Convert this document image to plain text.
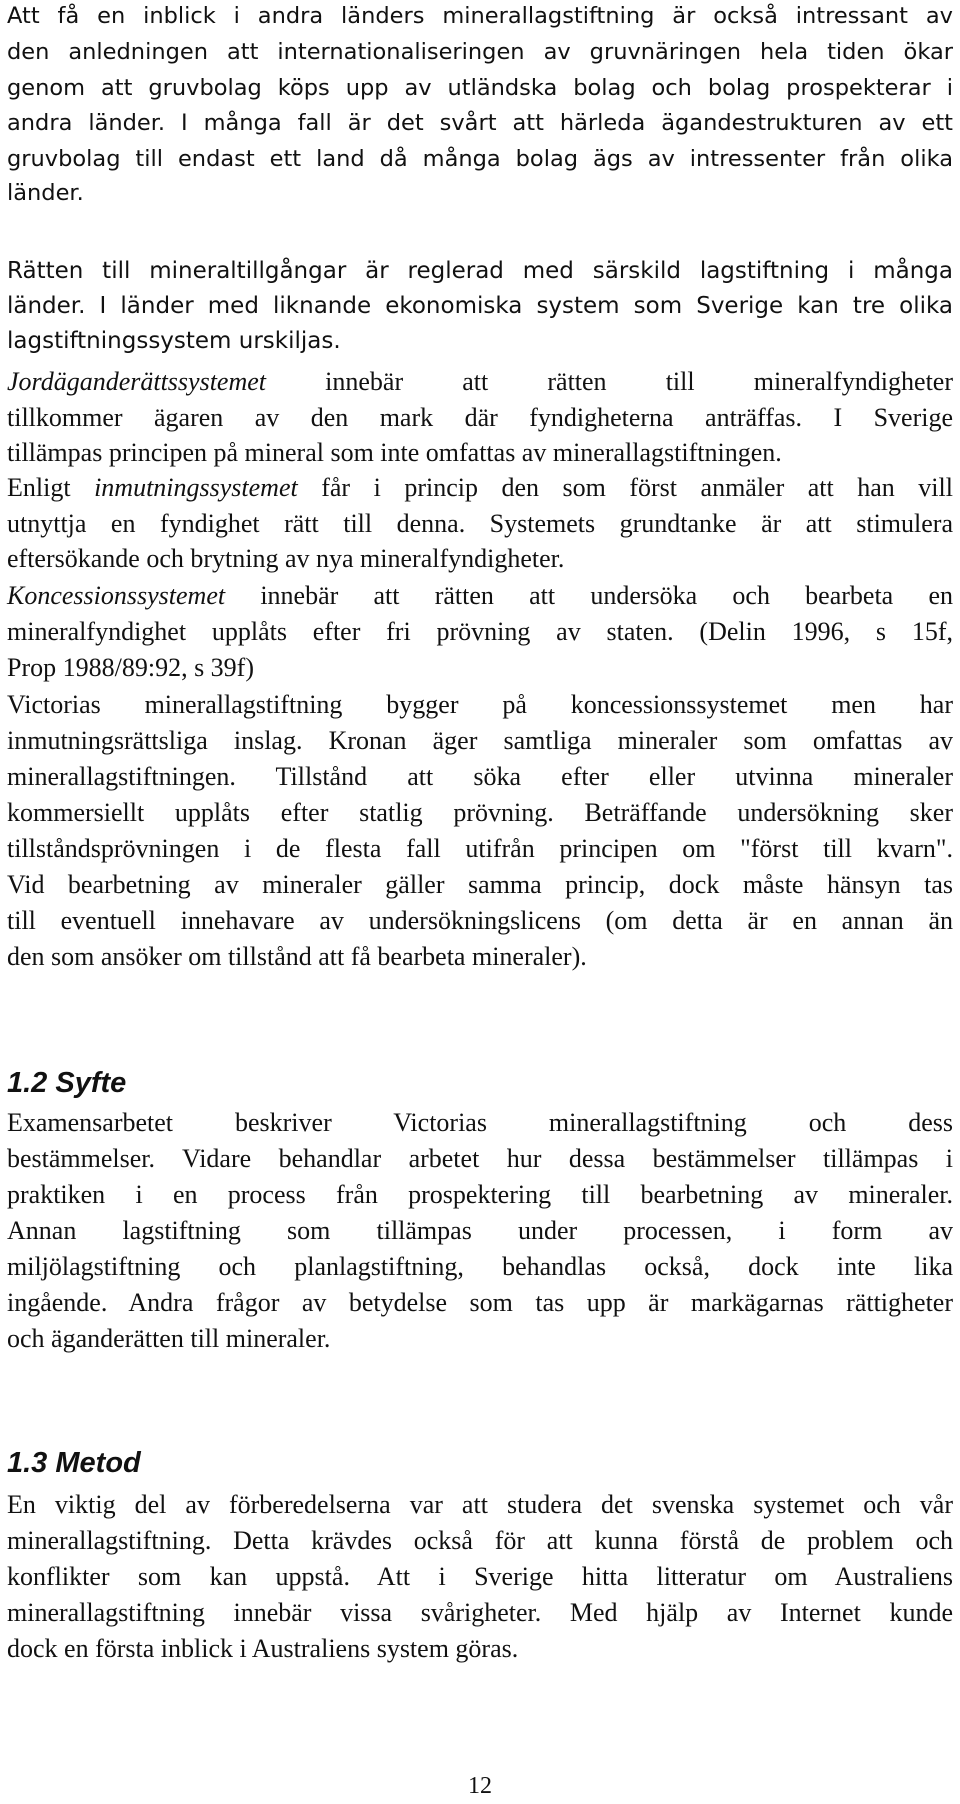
Att få en inblick i andra länders minerallagstiftning är också intressant av
den anledningen att internationaliseringen av gruvnäringen hela tiden ökar
genom att gruvbolag köps upp av utländska bolag och bolag prospekterar i
andra länder. I många fall är det svårt att härleda ägandestrukturen av ett
gruvbolag till endast ett land då många bolag ägs av intressenter från olika
länder.
Rätten till mineraltillgångar är reglerad med särskild lagstiftning i många
länder. I länder med liknande ekonomiska system som Sverige kan tre olika
lagstiftningssystem urskiljas.
Jordäganderättssystemet innebär att rätten till mineralfyndigheter
tillkommer ägaren av den mark där fyndigheterna anträffas. I Sverige
tillämpas principen på mineral som inte omfattas av minerallagstiftningen.
Enligt inmutningssystemet får i princip den som först anmäler att han vill
utnyttja en fyndighet rätt till denna. Systemets grundtanke är att stimulera
eftersökande och brytning av nya mineralfyndigheter.
Koncessionssystemet innebär att rätten att undersöka och bearbeta en
mineralfyndighet upplåts efter fri prövning av staten. (Delin 1996, s 15f,
Prop 1988/89:92, s 39f)
Victorias minerallagstiftning bygger på koncessionssystemet men har
inmutningsrättsliga inslag. Kronan äger samtliga mineraler som omfattas av
minerallagstiftningen. Tillstånd att söka efter eller utvinna mineraler
kommersiellt upplåts efter statlig prövning. Beträffande undersökning sker
tillståndsprövningen i de flesta fall utifrån principen om "först till kvarn".
Vid bearbetning av mineraler gäller samma princip, dock måste hänsyn tas
till eventuell innehavare av undersökningslicens (om detta är en annan än
den som ansöker om tillstånd att få bearbeta mineraler).
1.2 Syfte
Examensarbetet beskriver Victorias minerallagstiftning och dess
bestämmelser. Vidare behandlar arbetet hur dessa bestämmelser tillämpas i
praktiken i en process från prospektering till bearbetning av mineraler.
Annan lagstiftning som tillämpas under processen, i form av
miljölagstiftning och planlagstiftning, behandlas också, dock inte lika
ingående. Andra frågor av betydelse som tas upp är markägarnas rättigheter
och äganderätten till mineraler.
1.3 Metod
En viktig del av förberedelserna var att studera det svenska systemet och vår
minerallagstiftning. Detta krävdes också för att kunna förstå de problem och
konflikter som kan uppstå. Att i Sverige hitta litteratur om Australiens
minerallagstiftning innebär vissa svårigheter. Med hjälp av Internet kunde
dock en första inblick i Australiens system göras.
12
